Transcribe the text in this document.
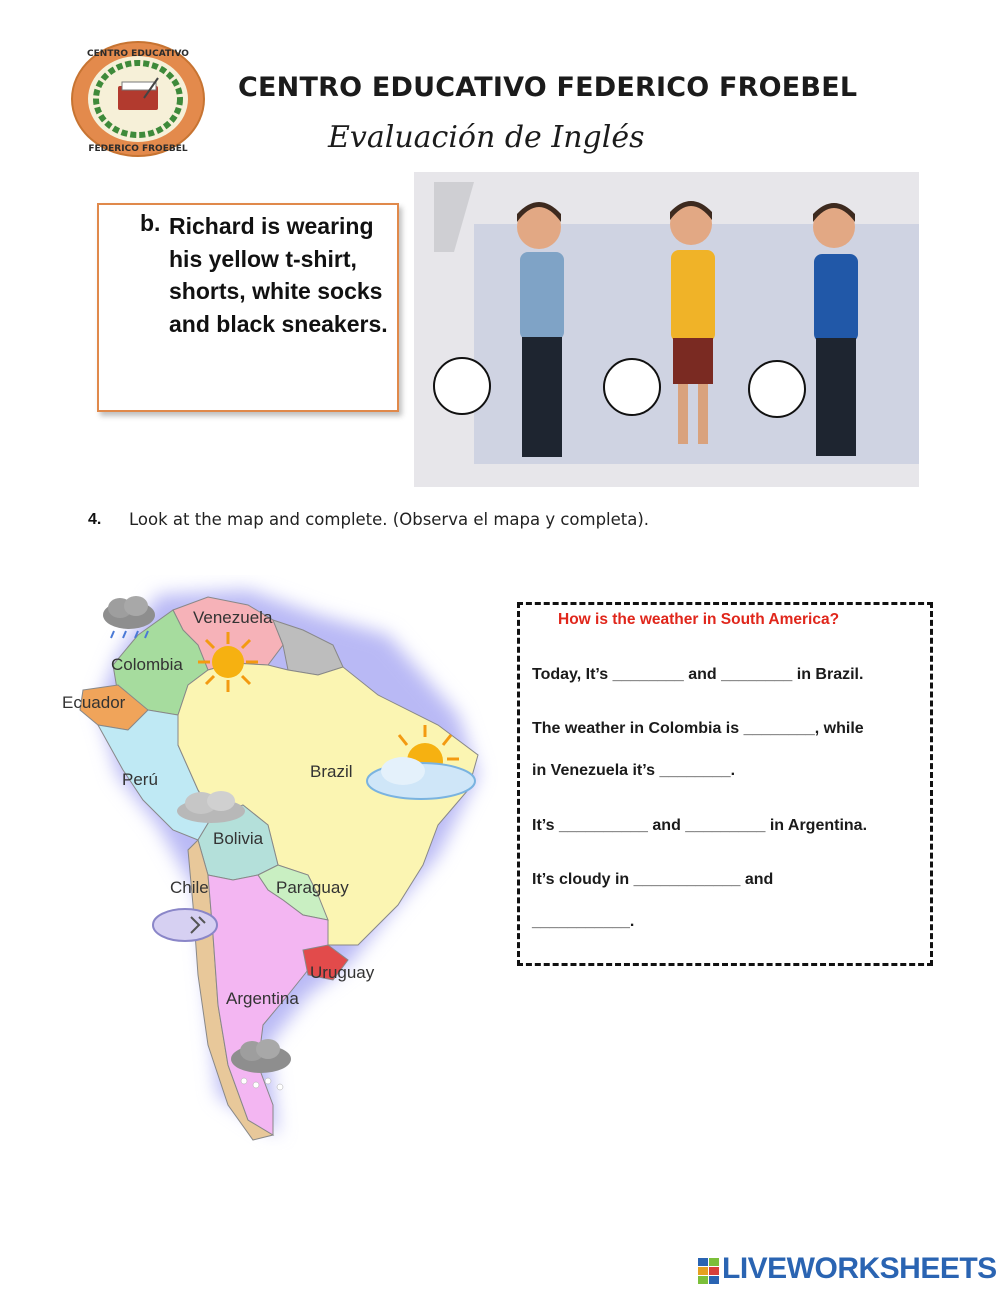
CENTRO EDUCATIVO
FEDERICO FROEBEL
CENTRO EDUCATIVO FEDERICO FROEBEL
Evaluación de Inglés
b. Richard is wearing his yellow t-shirt, shorts, white socks and black sneakers.
4. Look at the map and complete. (Observa el mapa y completa).
Venezuela
Colombia
Ecuador
Perú	Brazil
Bolivia
Chile	Paraguay
Uruguay
Argentina
How is the weather in South America?
Today, It’s ________ and ________ in Brazil.
The weather in Colombia is ________, while
in Venezuela it’s ________.
It’s __________ and _________ in Argentina.
It’s cloudy in ____________ and
___________.
LIVEWORKSHEETS
